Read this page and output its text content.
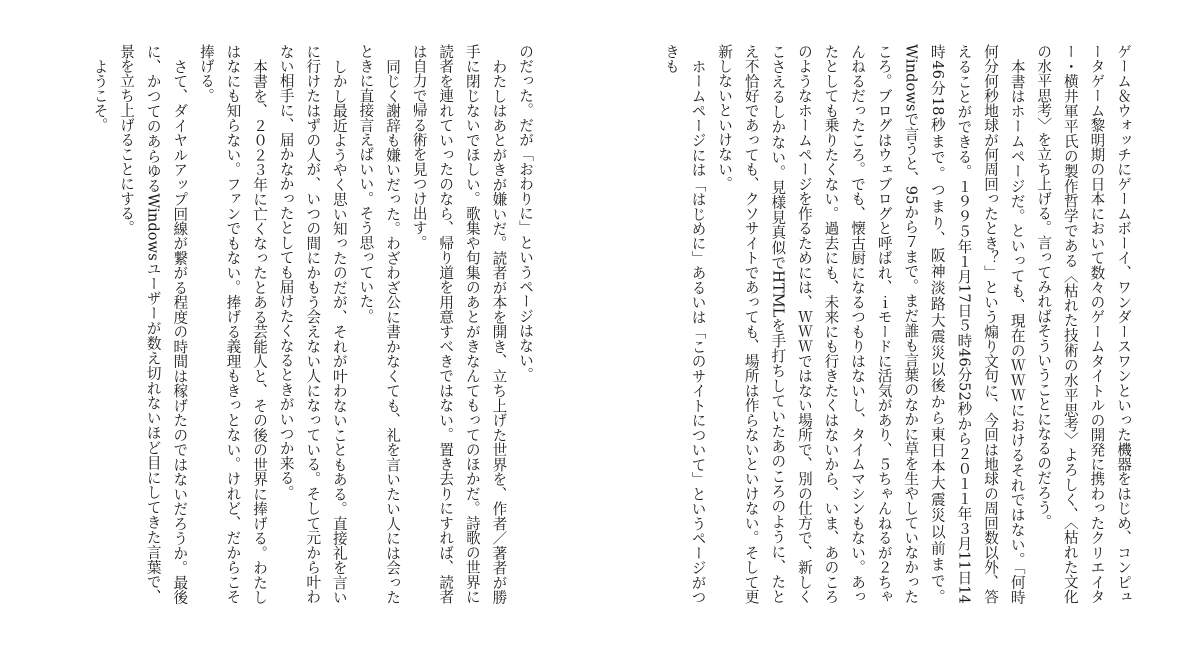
ゲーム＆ウォッチにゲームボーイ、ワンダースワンといった機器をはじめ、コンピュータゲーム黎明期の日本において数々のゲームタイトルの開発に携わったクリエイター・横井軍平氏の製作哲学である〈枯れた技術の水平思考〉よろしく、〈枯れた文化の水平思考〉を立ち上げる。言ってみればそういうことになるのだろう。

本書はホームページだ。といっても、現在のＷＷＷにおけるそれではない。「何時何分何秒地球が何周回ったとき？」という煽り文句に、今回は地球の周回数以外、答えることができる。１９９５年１月17日５時46分52秒から２０１１年３月11日14時46分18秒まで。つまり、阪神淡路大震災以後から東日本大震災以前まで。Windowsで言うと、95から７まで。まだ誰も言葉のなかに草を生やしていなかったころ。ブログはウェブログと呼ばれ、ｉモードに活気があり、５ちゃんねるが２ちゃんねるだったころ。でも、懐古厨になるつもりはないし、タイムマシンもない。あったとしても乗りたくない。過去にも、未来にも行きたくはないから、いま、あのころのようなホームページを作るためには、ＷＷＷではない場所で、別の仕方で、新しくこさえるしかない。見様見真似でHTMLを手打ちしていたあのころのように、たとえ不恰好であっても、クソサイトであっても、場所は作らないといけない。そして更新しないといけない。

ホームページには「はじめに」あるいは「このサイトについて」というページがつきも

のだった。だが「おわりに」というページはない。

わたしはあとがきが嫌いだ。読者が本を開き、立ち上げた世界を、作者／著者が勝手に閉じないでほしい。歌集や句集のあとがきなんてもってのほかだ。詩歌の世界に読者を連れていったのなら、帰り道を用意すべきではない。置き去りにすれば、読者は自力で帰る術を見つけ出す。

同じく謝辞も嫌いだった。わざわざ公に書かなくても、礼を言いたい人には会ったときに直接言えばいい。そう思っていた。

しかし最近ようやく思い知ったのだが、それが叶わないこともある。直接礼を言いに行けたはずの人が、いつの間にかもう会えない人になっている。そして元から叶わない相手に、届かなかったとしても届けたくなるときがいつか来る。

本書を、２０２３年に亡くなったとある芸能人と、その後の世界に捧げる。わたしはなにも知らない。ファンでもない。捧げる義理もきっとない。けれど、だからこそ捧げる。

さて、ダイヤルアップ回線が繋がる程度の時間は稼げたのではないだろうか。最後に、かつてのあらゆるWindowsユーザーが数え切れないほど目にしてきた言葉で、景を立ち上げることにする。

ようこそ。
